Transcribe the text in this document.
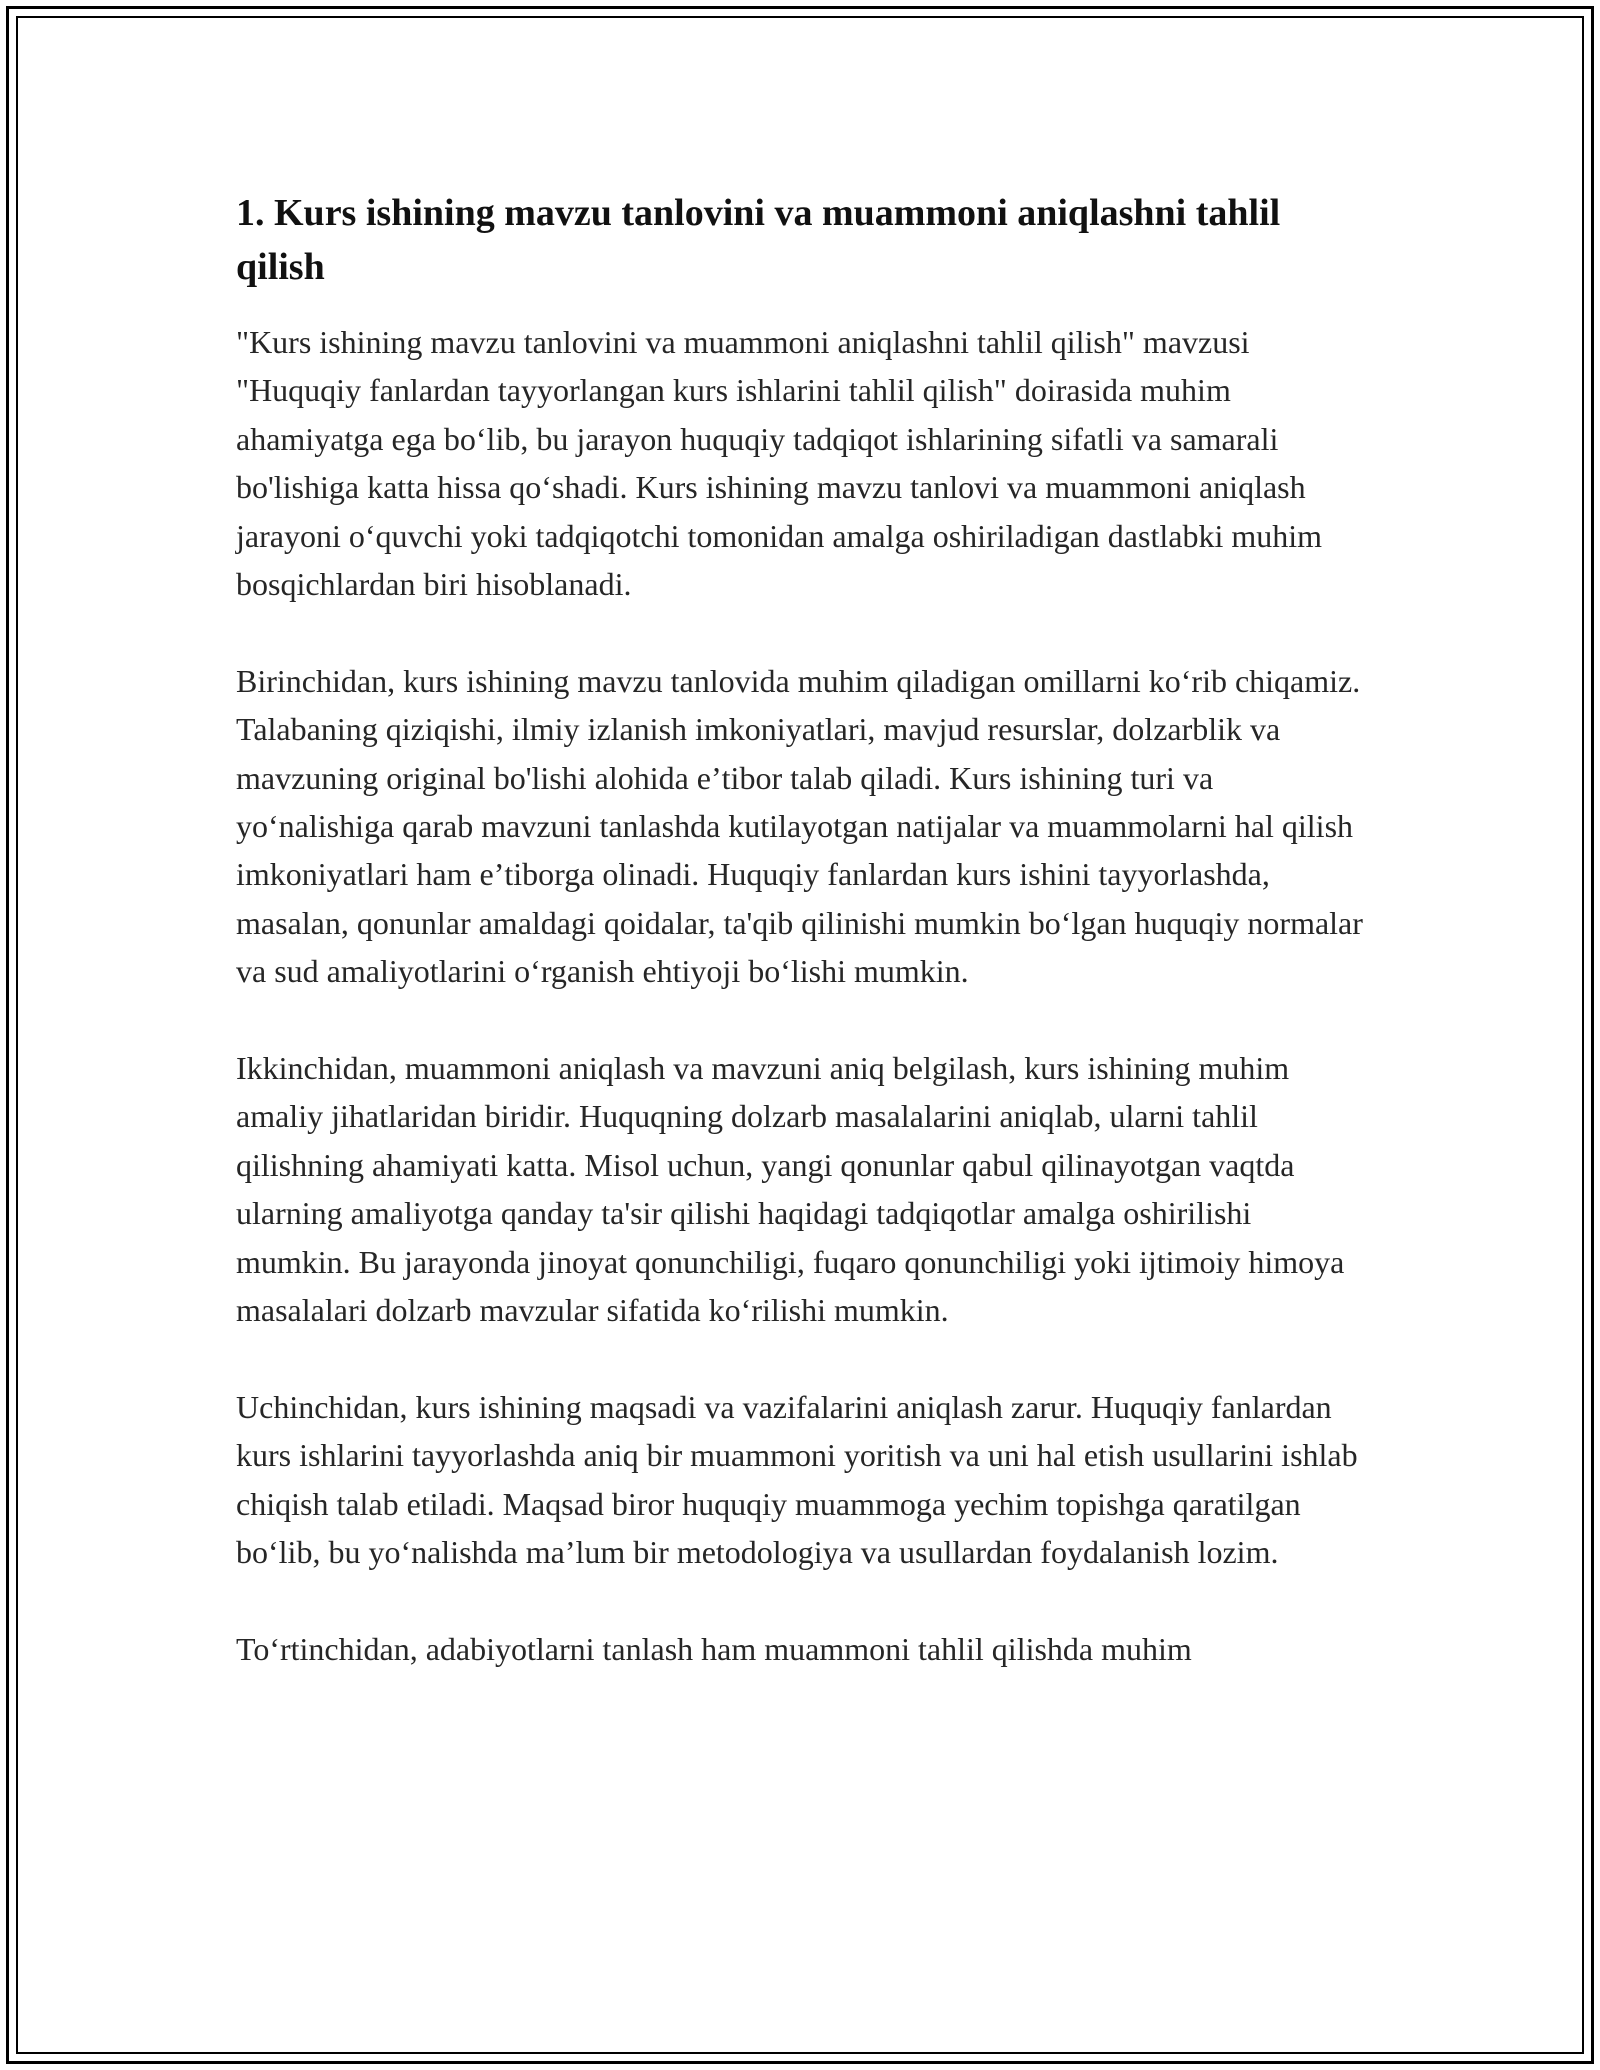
1. Kurs ishining mavzu tanlovini va muammoni aniqlashni tahlil qilish

"Kurs ishining mavzu tanlovini va muammoni aniqlashni tahlil qilish" mavzusi "Huquqiy fanlardan tayyorlangan kurs ishlarini tahlil qilish" doirasida muhim ahamiyatga ega boʻlib, bu jarayon huquqiy tadqiqot ishlarining sifatli va samarali bo'lishiga katta hissa qoʻshadi. Kurs ishining mavzu tanlovi va muammoni aniqlash jarayoni oʻquvchi yoki tadqiqotchi tomonidan amalga oshiriladigan dastlabki muhim bosqichlardan biri hisoblanadi.

Birinchidan, kurs ishining mavzu tanlovida muhim qiladigan omillarni koʻrib chiqamiz. Talabaning qiziqishi, ilmiy izlanish imkoniyatlari, mavjud resurslar, dolzarblik va mavzuning original bo'lishi alohida eʼtibor talab qiladi. Kurs ishining turi va yoʻnalishiga qarab mavzuni tanlashda kutilayotgan natijalar va muammolarni hal qilish imkoniyatlari ham eʼtiborga olinadi. Huquqiy fanlardan kurs ishini tayyorlashda, masalan, qonunlar amaldagi qoidalar, ta'qib qilinishi mumkin boʻlgan huquqiy normalar va sud amaliyotlarini oʻrganish ehtiyoji boʻlishi mumkin.

Ikkinchidan, muammoni aniqlash va mavzuni aniq belgilash, kurs ishining muhim amaliy jihatlaridan biridir. Huquqning dolzarb masalalarini aniqlab, ularni tahlil qilishning ahamiyati katta. Misol uchun, yangi qonunlar qabul qilinayotgan vaqtda ularning amaliyotga qanday ta'sir qilishi haqidagi tadqiqotlar amalga oshirilishi mumkin. Bu jarayonda jinoyat qonunchiligi, fuqaro qonunchiligi yoki ijtimoiy himoya masalalari dolzarb mavzular sifatida koʻrilishi mumkin.

Uchinchidan, kurs ishining maqsadi va vazifalarini aniqlash zarur. Huquqiy fanlardan kurs ishlarini tayyorlashda aniq bir muammoni yoritish va uni hal etish usullarini ishlab chiqish talab etiladi. Maqsad biror huquqiy muammoga yechim topishga qaratilgan boʻlib, bu yoʻnalishda maʼlum bir metodologiya va usullardan foydalanish lozim.

Toʻrtinchidan, adabiyotlarni tanlash ham muammoni tahlil qilishda muhim
